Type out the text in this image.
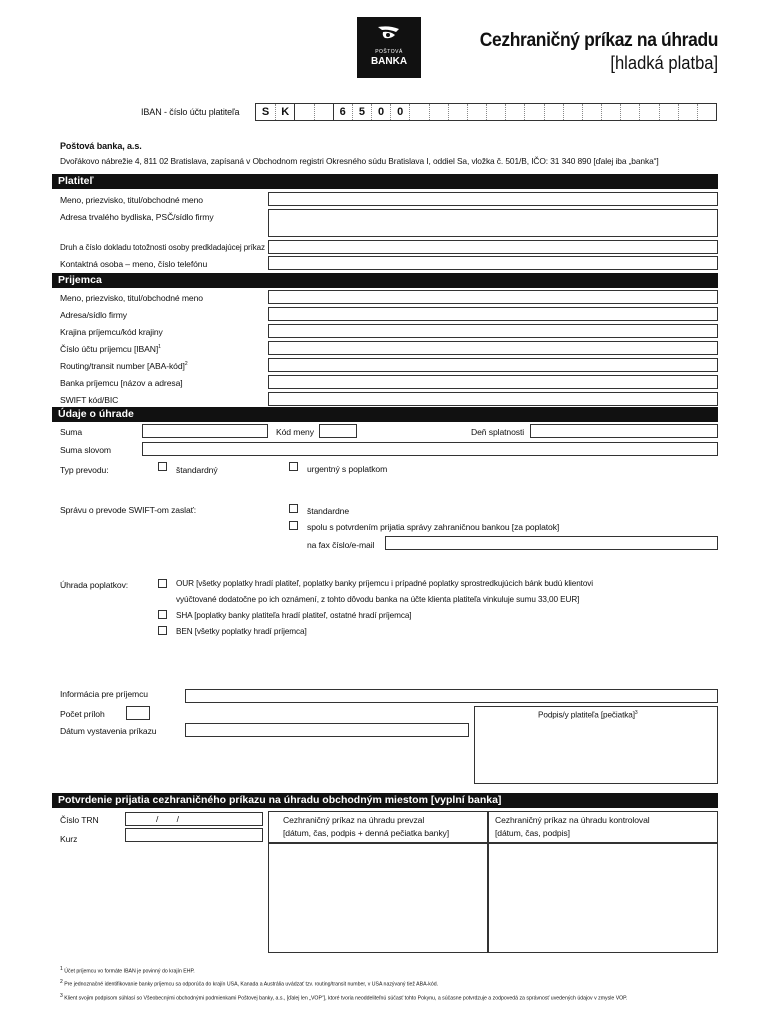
POŠTOVÁ
BANKA
Cezhraničný príkaz na úhradu
[hladká platba]
IBAN - číslo účtu platiteľa	S	K	6	5	0	0
Poštová banka, a.s.
Dvořákovo nábrežie 4, 811 02 Bratislava, zapísaná v Obchodnom registri Okresného súdu Bratislava I, oddiel Sa, vložka č. 501/B, IČO: 31 340 890 [ďalej iba „banka“]
Platiteľ
Meno, priezvisko, titul/obchodné meno
Adresa trvalého bydliska, PSČ/sídlo firmy
Druh a číslo dokladu totožnosti osoby predkladajúcej príkaz
Kontaktná osoba – meno, číslo telefónu
Prijemca
Meno, priezvisko, titul/obchodné meno
Adresa/sídlo firmy
Krajina príjemcu/kód krajiny
Číslo účtu príjemcu [IBAN]$^1$
Routing/transit number [ABA-kód]$^2$
Banka príjemcu [názov a adresa]
SWIFT kód/BIC
Údaje o úhrade
Suma	Kód meny	Deň splatnosti
Suma slovom
Typ prevodu:	štandardný	urgentný s poplatkom
Správu o prevode SWIFT-om zaslať:	štandardne
spolu s potvrdením prijatia správy zahraničnou bankou [za poplatok]
na fax číslo/e-mail
Úhrada poplatkov:	OUR [všetky poplatky hradí platiteľ, poplatky banky príjemcu i prípadné poplatky sprostredkujúcich bánk budú klientovi
vyúčtované dodatočne po ich oznámení, z tohto dôvodu banka na účte klienta platiteľa vinkuluje sumu 33,00 EUR]
SHA [poplatky banky platiteľa hradí platiteľ, ostatné hradí príjemca]
BEN [všetky poplatky hradí príjemca]
Informácia pre príjemcu
Počet príloh
Dátum vystavenia príkazu
Podpis/y platiteľa [pečiatka]$^3$
Potvrdenie prijatia cezhraničného príkazu na úhradu obchodným miestom [vyplní banka]
Číslo TRN	/        /
Kurz
Cezhraničný príkaz na úhradu prevzal
[dátum, čas, podpis + denná pečiatka banky]
Cezhraničný príkaz na úhradu kontroloval
[dátum, čas, podpis]
$^1$ Účet príjemcu vo formáte IBAN je povinný do krajín EHP.
$^2$ Pre jednoznačné identifikovanie banky príjemcu sa odporúča do krajín USA, Kanada a Austrália uvádzať tzv. routing/transit number, v USA nazývaný tiež ABA-kód.
$^3$ Klient svojim podpisom súhlasí so Všeobecnými obchodnými podmienkami Poštovej banky, a.s., [ďalej len „VOP“], ktoré tvoria neoddeliteľnú súčasť tohto Pokynu, a súčasne potvrdzuje a zodpovedá za správnosť uvedených údajov v zmysle VOP.
